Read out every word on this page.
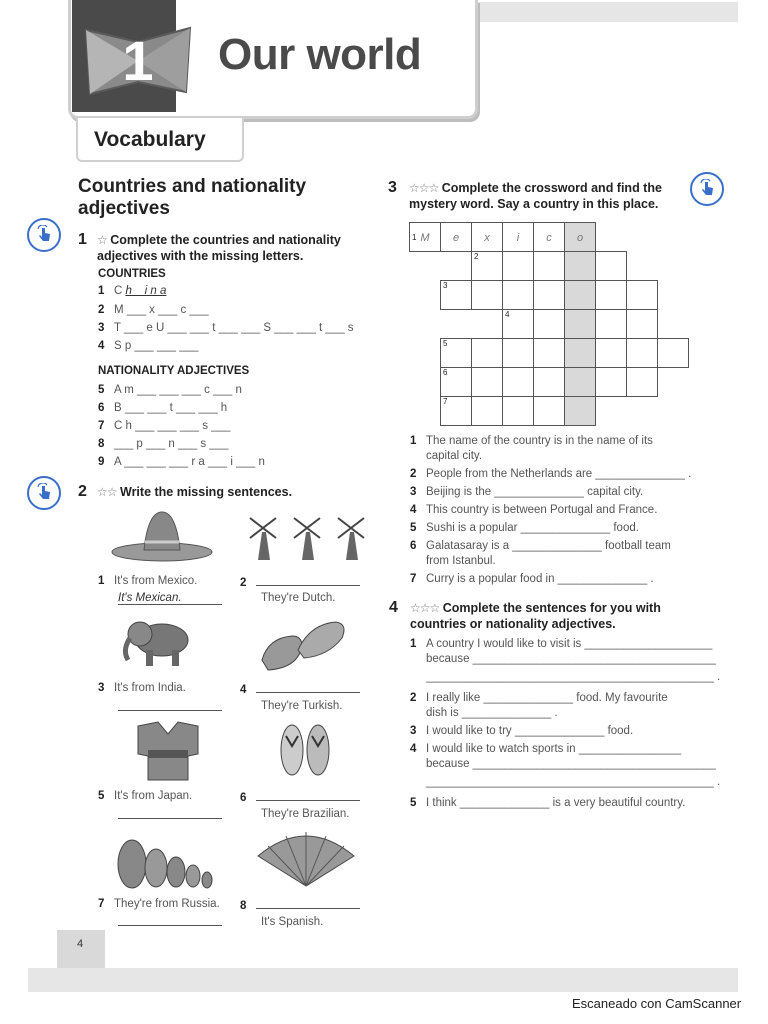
1 Our world
Vocabulary
Countries and nationality
adjectives
1 ☆ Complete the countries and nationality
adjectives with the missing letters.
COUNTRIES
1 C h _ i n a
2 M ___ x ___ c ___
3 T ___ e U ___ ___ t ___ ___ S ___ ___ t ___ s
4 S p ___ ___ ___
NATIONALITY ADJECTIVES
5 A m ___ ___ ___ c ___ n
6 B ___ ___ t ___ ___ h
7 C h ___ ___ ___ s ___
8 ___ p ___ n ___ s ___
9 A ___ ___ ___ r a ___ i ___ n
2 ☆☆ Write the missing sentences.
1 It's from Mexico.
It's Mexican.
2
They're Dutch.
3 It's from India.	4
They're Turkish.
5 It's from Japan.	6
They're Brazilian.
7 They're from Russia. 8
It's Spanish.
3 ☆☆☆ Complete the crossword and find the
mystery word. Say a country in this place.
1 M	e	x	i	c	o
2
3
4
5
6
7
1 The name of the country is in the name of its
capital city.
2 People from the Netherlands are ______________ .
3 Beijing is the ______________ capital city.
4 This country is between Portugal and France.
5 Sushi is a popular ______________ food.
6 Galatasaray is a ______________ football team
from Istanbul.
7 Curry is a popular food in ______________ .
4 ☆☆☆ Complete the sentences for you with
countries or nationality adjectives.
1 A country I would like to visit is ____________________
because ______________________________________
_____________________________________________ .
2 I really like ______________ food. My favourite
dish is ______________ .
3 I would like to try ______________ food.
4 I would like to watch sports in ________________
because ______________________________________
_____________________________________________ .
5 I think ______________ is a very beautiful country.
4
Escaneado con CamScanner
